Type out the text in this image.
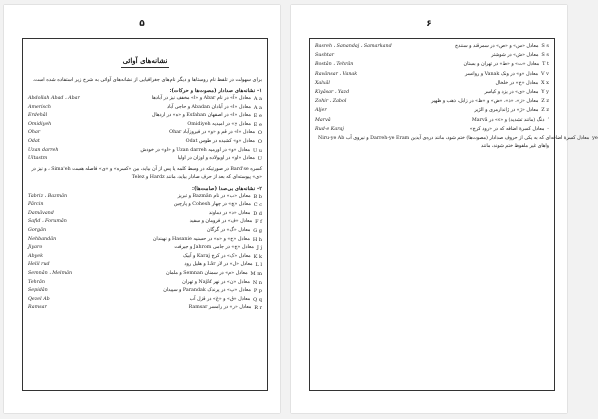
۵
نشانه‌های آوائی
برای سهولت در تلفظ نام روستاها و دیگر نام‌های جغرافیایی از نشانه‌های آوائی به شرح زیر استفاده شده است.
۱- نشانه‌های صدادار (مصوت‌ها و حرکات):
Abdollah Abad ، Abar	معادل «آ» در نام Abar و «ا» مخفف نیز در آبادها A a
Amerisch	معادل «ا» در آبادان Abadan و حاجی آباد A a
Erdehâl	معادل «ا» در اصفهان Esfahan و «ه» در اردهال E e
Omidiyeh	معادل «ِ» در امیدیه Omidiyeh E e
Ohar	معادل «ا» در قم و «و» در فیروز‌آباد Ohar O
Odat	معادل «و» کشیده در طوس Odat O
Uzan darreh	معادل «و» در اورمیه Uzan darreh و «او» در خودش U u
Ultastm	معادل «او» در اویولاده و اوزان در اولیا U
کسره Bard'se در صورتیکه در وسط کلمه یا پس از آن بیاید، بین «کسره» و «ی» فاصله هست Sima'eh ، و نیز در «ی» پیوسته‌ای که بعد از حرف صادار بیاید، مانند Hardz و Telez
۲- نشانه‌های بی‌صدا (صامت‌ها):
Tabriz ، Bazmân	معادل «ب» در نام Bazmân و تبریز B b
Pârcin	معادل «چ» در چهار Cohesh و پارچین C c
Damâvand	معادل «د» در دماوند D d
Safid ، Forumân	معادل «ف» در فرومان و سفید F f
Gorgân	معادل «گ» در گرگان G g
Nehbandân	معادل «ح» و «ه» در حسنیه Hasanie و نهبندان H h
Jiyaro	معادل «ج» در جامی Jahrom و جیرفت J j
Abyek	معادل «ک» در کرج Karaj و آبیک K k
Helil rud	معادل «ل» در لار Lâr و هلیل رود L l
Semnân ، Melmân	معادل «م» در سمنان Semnan و ملمان M m
Tehrân	معادل «ن» در نهر Najâf و تهران N n
Sepidân	معادل «پ» در پرندک Parandak و سپیدان P p
Qezel Ab	معادل «ق» و «غ» در قزل آب Q q
Ramsar	معادل «ر» در رامسر Ramsar R r
۶
Basreh ، Sanandaj ، Samarkand	معادل «س» و «ص» در سمرقند و سنندج S s
Sushtar	معادل «ش» در شوشتر S s
Bostân ، Tehrân	معادل «ت» و «ط» در تهران و بستان T t
Ravânsar ، Vanak	معادل «و» در ونک Vanak و روانسر V v
Xalxâl	معادل «خ» در خلخال X x
Kiyâsar ، Yazd	معادل «ی» در یزد و کیاسر Y y
Zohir ، Zabol	معادل «ز»، «ذ»، «ض» و «ظ» در زابل، ذهب و ظهیر Z z
Aljer	معادل «ژ» در ژاندارمری و الژیر Z z
Marvâ	دنگ (مانند تشدید) و «ء» در Marvâ ʼ
Rud-e Karaj	معادل کسرهٔ اضافه که در «رود کرج» -
معادل کسرهٔ اضافه‌ای که به یکی از حروف صدادار (مصوت‌ها) ختم شود، مانند دره‌ی آیدین Darreh-ye Eram و نیروی آب Niru-ye Ab ye
واهای غیر ملفوظ ختم شوند، مانند
